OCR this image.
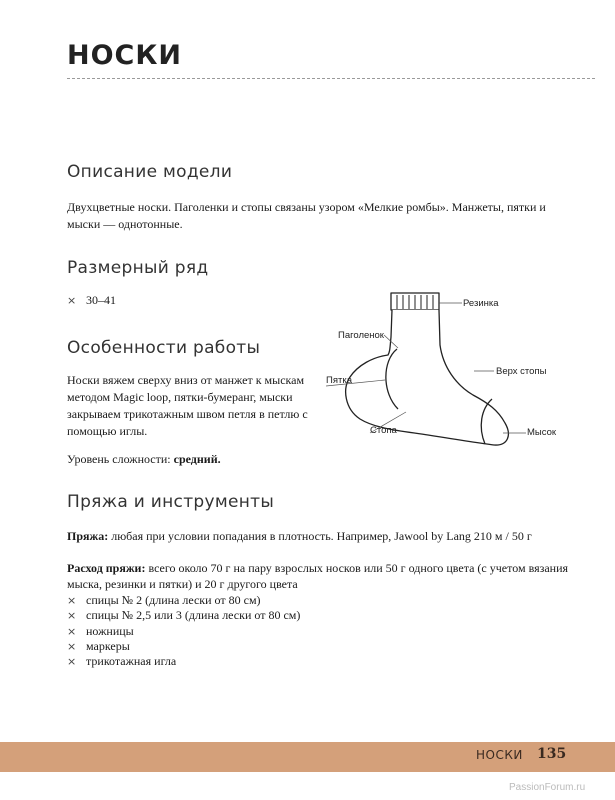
НОСКИ
Описание модели

Двухцветные носки. Паголенки и стопы связаны узором «Мелкие ромбы». Манжеты, пятки и мыски — однотонные.

Размерный ряд
× 30–41
Особенности работы

Носки вяжем сверху вниз от манжет к мыскам методом Magic loop, пятки-бумеранг, мыски закрываем трикотажным швом петля в петлю с помощью иглы.

Уровень сложности: средний.

Резинка
Паголенок
Пятка
Верх стопы
Стопа	Мысок
Пряжа и инструменты

Пряжа: любая при условии попадания в плотность. Например, Jawool by Lang 210 м / 50 г

Расход пряжи: всего около 70 г на пару взрослых носков или 50 г одного цвета (с учетом вязания мыска, резинки и пятки) и 20 г другого цвета

× спицы № 2 (длина лески от 80 см)
× спицы № 2,5 или 3 (длина лески от 80 см)
× ножницы
× маркеры
× трикотажная игла
НОСКИ 135
PassionForum.ru
